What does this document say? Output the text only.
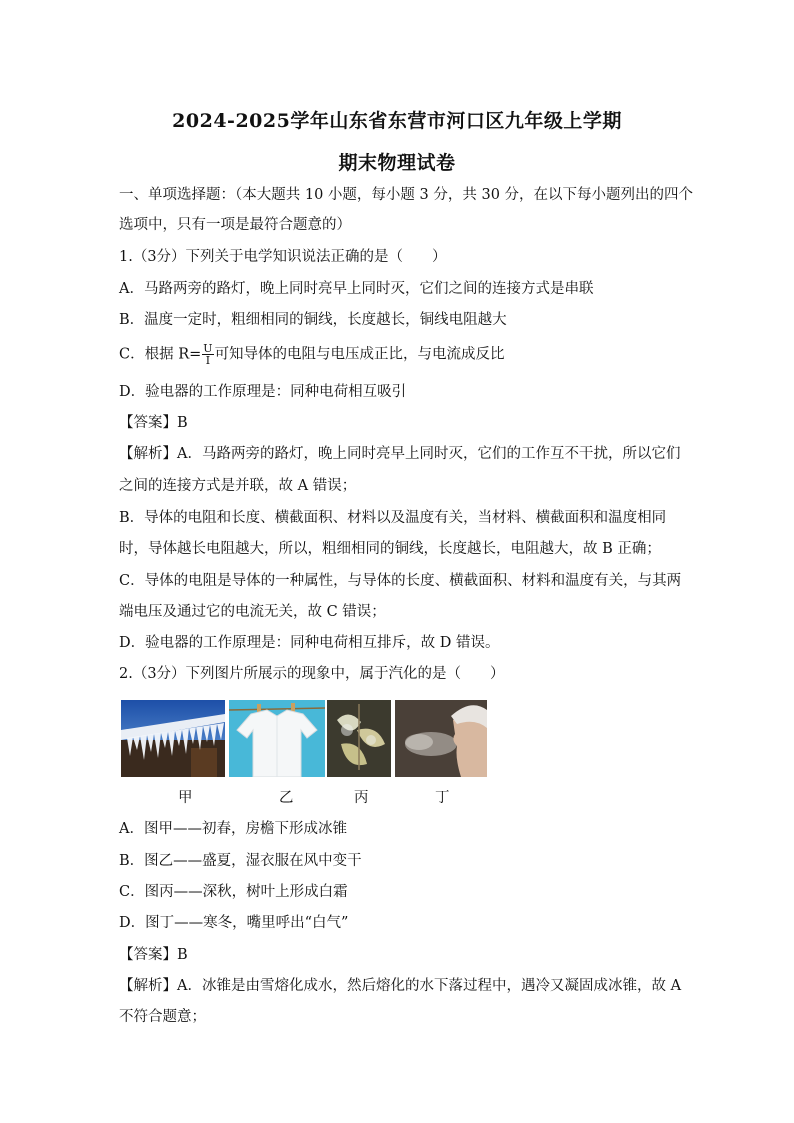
2024-2025学年山东省东营市河口区九年级上学期
期末物理试卷
一、单项选择题：（本大题共 10 小题，每小题 3 分，共 30 分，在以下每小题列出的四个
选项中，只有一项是最符合题意的）
1.（3分）下列关于电学知识说法正确的是（　　）
A．马路两旁的路灯，晚上同时亮早上同时灭，它们之间的连接方式是串联
B．温度一定时，粗细相同的铜线，长度越长，铜线电阻越大
C．根据 $R= \frac{U}{I}$ 可知导体的电阻与电压成正比，与电流成反比
D．验电器的工作原理是：同种电荷相互吸引
【答案】B
【解析】A．马路两旁的路灯，晚上同时亮早上同时灭，它们的工作互不干扰，所以它们
之间的连接方式是并联，故 A 错误；
B．导体的电阻和长度、横截面积、材料以及温度有关，当材料、横截面积和温度相同
时，导体越长电阻越大，所以，粗细相同的铜线，长度越长，电阻越大，故 B 正确；
C．导体的电阻是导体的一种属性，与导体的长度、横截面积、材料和温度有关，与其两
端电压及通过它的电流无关，故 C 错误；
D．验电器的工作原理是：同种电荷相互排斥，故 D 错误。
2.（3分）下列图片所展示的现象中，属于汽化的是（　　）
甲	乙	丙	丁
A．图甲——初春，房檐下形成冰锥
B．图乙——盛夏，湿衣服在风中变干
C．图丙——深秋，树叶上形成白霜
D．图丁——寒冬，嘴里呼出“白气”
【答案】B
【解析】A．冰锥是由雪熔化成水，然后熔化的水下落过程中，遇冷又凝固成冰锥，故 A
不符合题意；
